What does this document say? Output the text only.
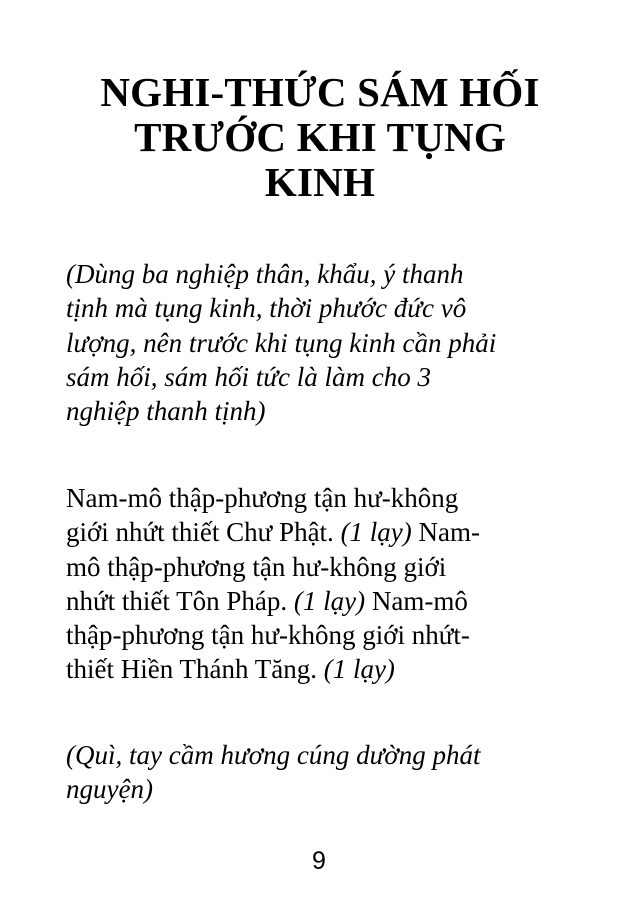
NGHI-THỨC SÁM HỐI
TRƯỚC KHI TỤNG
KINH
(Dùng ba nghiệp thân, khẩu, ý thanh
tịnh mà tụng kinh, thời phước đức vô
lượng, nên trước khi tụng kinh cần phải
sám hối, sám hối tức là làm cho 3
nghiệp thanh tịnh)
Nam-mô thập-phương tận hư-không
giới nhứt thiết Chư Phật. (1 lạy) Nam-
mô thập-phương tận hư-không giới
nhứt thiết Tôn Pháp. (1 lạy) Nam-mô
thập-phương tận hư-không giới nhứt-
thiết Hiền Thánh Tăng. (1 lạy)
(Quì, tay cầm hương cúng dường phát
nguyện)
9
